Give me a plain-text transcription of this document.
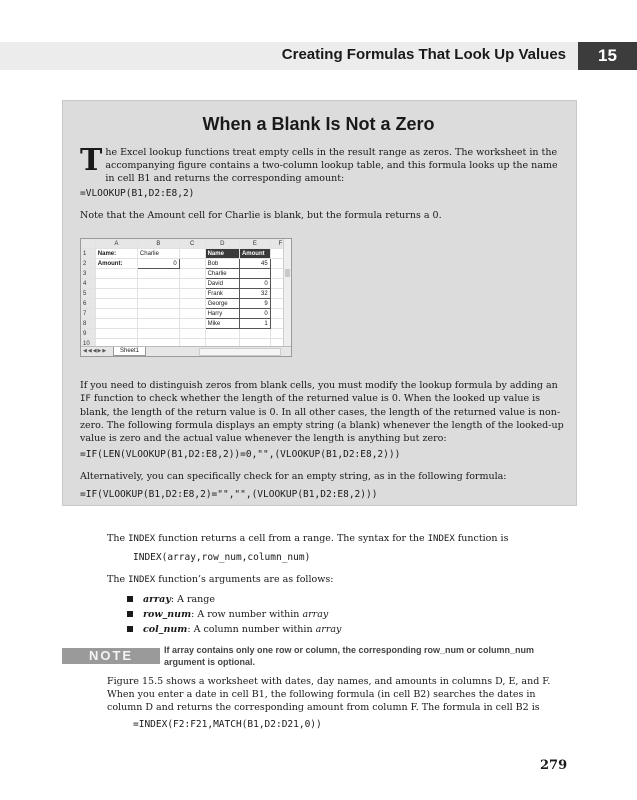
Creating Formulas That Look Up Values	15
When a Blank Is Not a Zero

The Excel lookup functions treat empty cells in the result range as zeros. The worksheet in the accompanying figure contains a two-column lookup table, and this formula looks up the name in cell B1 and returns the corresponding amount:

=VLOOKUP(B1,D2:E8,2)

Note that the Amount cell for Charlie is blank, but the formula returns a 0.

	A	B	C	D	E	F
1	Name:	Charlie		Name	Amount	
2	Amount:	0		Bob	45	
3				Charlie		
4				David	0	
5				Frank	32	
6				George	9	
7				Harry	0	
8				Mike	1	
9						
10						
◀◀◀▶▶	Sheet1

If you need to distinguish zeros from blank cells, you must modify the lookup formula by adding an IF function to check whether the length of the returned value is 0. When the looked up value is blank, the length of the return value is 0. In all other cases, the length of the returned value is non-zero. The following formula displays an empty string (a blank) whenever the length of the looked-up value is zero and the actual value whenever the length is anything but zero:

=IF(LEN(VLOOKUP(B1,D2:E8,2))=0,"",(VLOOKUP(B1,D2:E8,2)))

Alternatively, you can specifically check for an empty string, as in the following formula:

=IF(VLOOKUP(B1,D2:E8,2)="","",(VLOOKUP(B1,D2:E8,2)))

The INDEX function returns a cell from a range. The syntax for the INDEX function is

INDEX(array,row_num,column_num)

The INDEX function’s arguments are as follows:

array: A range
row_num: A row number within array
col_num: A column number within array
NOTE	If array contains only one row or column, the corresponding row_num or column_num argument is optional.

Figure 15.5 shows a worksheet with dates, day names, and amounts in columns D, E, and F. When you enter a date in cell B1, the following formula (in cell B2) searches the dates in column D and returns the corresponding amount from column F. The formula in cell B2 is

=INDEX(F2:F21,MATCH(B1,D2:D21,0))
279
